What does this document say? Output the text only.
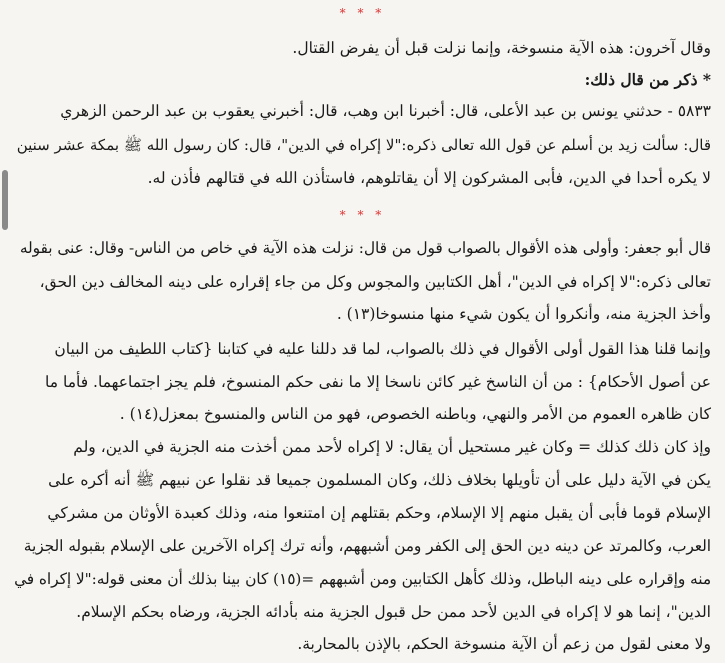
* * *
وقال آخرون: هذه الآية منسوخة، وإنما نزلت قبل أن يفرض القتال.
* ذكر من قال ذلك:
٥٨٣٣ - حدثني يونس بن عبد الأعلى، قال: أخبرنا ابن وهب، قال: أخبرني يعقوب بن عبد الرحمن الزهري
قال: سألت زيد بن أسلم عن قول الله تعالى ذكره:"لا إكراه في الدين"، قال: كان رسول الله ﷺ بمكة عشر سنين
لا يكره أحدا في الدين، فأبى المشركون إلا أن يقاتلوهم، فاستأذن الله في قتالهم فأذن له.
* * *
قال أبو جعفر: وأولى هذه الأقوال بالصواب قول من قال: نزلت هذه الآية في خاص من الناس- وقال: عنى بقوله
تعالى ذكره:"لا إكراه في الدين"، أهل الكتابين والمجوس وكل من جاء إقراره على دينه المخالف دين الحق،
وأخذ الجزية منه، وأنكروا أن يكون شيء منها منسوخا(١٣) .
وإنما قلنا هذا القول أولى الأقوال في ذلك بالصواب، لما قد دللنا عليه في كتابنا {كتاب اللطيف من البيان
عن أصول الأحكام} : من أن الناسخ غير كائن ناسخا إلا ما نفى حكم المنسوخ، فلم يجز اجتماعهما. فأما ما
كان ظاهره العموم من الأمر والنهي، وباطنه الخصوص، فهو من الناس والمنسوخ بمعزل(١٤) .
وإذ كان ذلك كذلك = وكان غير مستحيل أن يقال: لا إكراه لأحد ممن أخذت منه الجزية في الدين، ولم
يكن في الآية دليل على أن تأويلها بخلاف ذلك، وكان المسلمون جميعا قد نقلوا عن نبيهم ﷺ أنه أكره على
الإسلام قوما فأبى أن يقبل منهم إلا الإسلام، وحكم بقتلهم إن امتنعوا منه، وذلك كعبدة الأوثان من مشركي
العرب، وكالمرتد عن دينه دين الحق إلى الكفر ومن أشبههم، وأنه ترك إكراه الآخرين على الإسلام بقبوله الجزية
منه وإقراره على دينه الباطل، وذلك كأهل الكتابين ومن أشبههم =(١٥) كان بينا بذلك أن معنى قوله:"لا إكراه في
الدين"، إنما هو لا إكراه في الدين لأحد ممن حل قبول الجزية منه بأدائه الجزية، ورضاه بحكم الإسلام.
ولا معنى لقول من زعم أن الآية منسوخة الحكم، بالإذن بالمحاربة.
